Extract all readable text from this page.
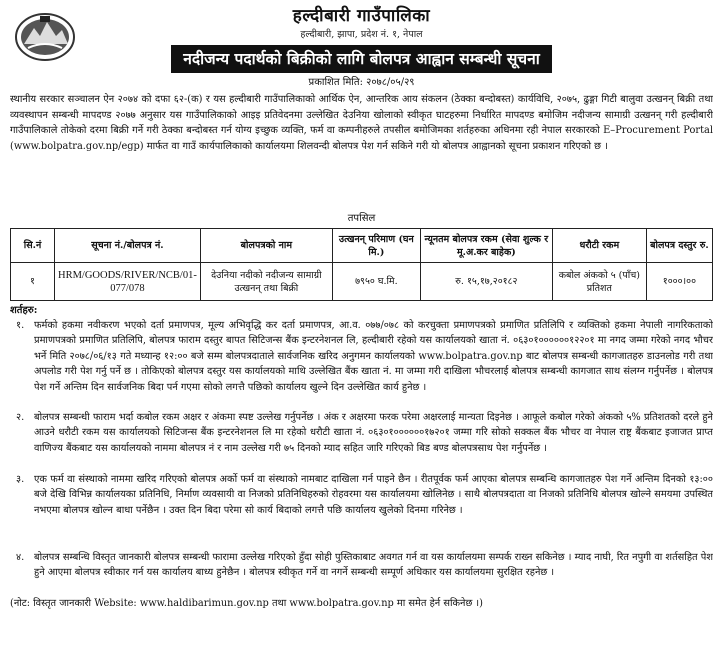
हल्दीबारी गाउँपालिका
हल्दीबारी, झापा, प्रदेश नं. १, नेपाल
नदीजन्य पदार्थको बिक्रीको लागि बोलपत्र आह्वान सम्बन्धी सूचना
प्रकाशित मिति: २०७८/०५/२९

स्थानीय सरकार सञ्चालन ऐन २०७४ को दफा ६२-(क) र यस हल्दीबारी गाउँपालिकाको आर्थिक ऐन, आन्तरिक आय संकलन (ठेक्का बन्दोबस्त) कार्यविधि, २०७५, ढुङ्गा गिटी बालुवा उत्खनन् बिक्री तथा व्यवस्थापन सम्बन्धी मापदण्ड २०७७ अनुसार यस गाउँपालिकाको आइइ प्रतिवेदनमा उल्लेखित देउनिया खोलाको स्वीकृत घाटहरुमा निर्धारित मापदण्ड बमोजिम नदीजन्य सामाग्री उत्खनन् गरी हल्दीबारी गाउँपालिकाले तोकेको दरमा बिक्री गर्ने गरी ठेक्का बन्दोबस्त गर्न योग्य इच्छुक व्यक्ति, फर्म वा कम्पनीहरुले तपसील बमोजिमका शर्तहरुका अधिनमा रही नेपाल सरकारको E–Procurement Portal (www.bolpatra.gov.np/egp) मार्फत वा गाउँ कार्यपालिकाको कार्यालयमा शिलवन्दी बोलपत्र पेश गर्न सकिने गरी यो बोलपत्र आह्वानको सूचना प्रकाशन गरिएको छ ।

तपसिल
सि.नं	सूचना नं./बोलपत्र नं.	बोलपत्रको नाम	उत्खनन् परिमाण (घन मि.)	न्यूनतम बोलपत्र रकम (सेवा शुल्क र मू.अ.कर बाहेक)	धरौटी रकम	बोलपत्र दस्तुर रु.
१	HRM/GOODS/RIVER/NCB/01-077/078	देउनिया नदीको नदीजन्य सामाग्री उत्खनन् तथा बिक्री	७९५० घ.मि.	रु. १५,१७,२०१८२	कबोल अंकको ५ (पाँच) प्रतिशत	१०००।००
शर्तहरु:
१. फर्मको हकमा नवीकरण भएको दर्ता प्रमाणपत्र, मूल्य अभिवृद्धि कर दर्ता प्रमाणपत्र, आ.व. ०७७/०७८ को करचुक्ता प्रमाणपत्रको प्रमाणित प्रतिलिपि र व्यक्तिको हकमा नेपाली नागरिकताको प्रमाणपत्रको प्रमाणित प्रतिलिपि, बोलपत्र फाराम दस्तुर बापत सिटिजन्स बैंक इन्टरनेशनल लि, हल्दीबारी रहेको यस कार्यालयको खाता नं. ०६३०१००००००१२२०१ मा नगद जम्मा गरेको नगद भौचर भर्ने मिति २०७८/०६/१३ गते मध्यान्ह १२:०० बजे सम्म बोलपत्रदाताले सार्वजनिक खरिद अनुगमन कार्यालयको www.bolpatra.gov.np बाट बोलपत्र सम्बन्धी कागजातहरु डाउनलोड गरी तथा अपलोड गरी पेश गर्नु पर्ने छ । तोकिएको बोलपत्र दस्तुर यस कार्यालयको माथि उल्लेखित बैंक खाता नं. मा जम्मा गरी दाखिला भौचरलाई बोलपत्र सम्बन्धी कागजात साथ संलग्न गर्नुपर्नेछ । बोलपत्र पेश गर्ने अन्तिम दिन सार्वजनिक बिदा पर्न गएमा सोको लगत्तै पछिको कार्यालय खुल्ने दिन उल्लेखित कार्य हुनेछ ।
२. बोलपत्र सम्बन्धी फाराम भर्दा कबोल रकम अक्षर र अंकमा स्पष्ट उल्लेख गर्नुपर्नेछ । अंक र अक्षरमा फरक परेमा अक्षरलाई मान्यता दिइनेछ । आफूले कबोल गरेको अंकको ५% प्रतिशतको दरले हुने आउने धरौटी रकम यस कार्यालयको सिटिजन्स बैंक इन्टरनेशनल लि मा रहेको धरौटी खाता नं. ०६३०१००००००१७२०१ जम्मा गरि सोको सक्कल बैंक भौचर वा नेपाल राष्ट्र बैंकबाट इजाजत प्राप्त वाणिज्य बैंकबाट यस कार्यालयको नाममा बोलपत्र नं र नाम उल्लेख गरी ७५ दिनको म्याद सहित जारि गरिएको बिड बण्ड बोलपत्रसाथ पेश गर्नुपर्नेछ ।
३. एक फर्म वा संस्थाको नाममा खरिद गरिएको बोलपत्र अर्को फर्म वा संस्थाको नामबाट दाखिला गर्न पाइने छैन । रीतपूर्वक फर्म आएका बोलपत्र सम्बन्धि कागजातहरु पेश गर्ने अन्तिम दिनको १३:०० बजे देखि विभिन्न कार्यालयका प्रतिनिधि, निर्माण व्यवसायी वा निजको प्रतिनिधिहरुको रोहवरमा यस कार्यालयमा खोलिनेछ । साथै बोलपत्रदाता वा निजको प्रतिनिधि बोलपत्र खोल्ने समयमा उपस्थित नभएमा बोलपत्र खोल्न बाधा पर्नेछैन । उक्त दिन बिदा परेमा सो कार्य बिदाको लगत्तै पछि कार्यालय खुलेको दिनमा गरिनेछ ।
४. बोलपत्र सम्बन्धि विस्तृत जानकारी बोलपत्र सम्बन्धी फारामा उल्लेख गरिएको हुँदा सोही पुस्तिकाबाट अवगत गर्न वा यस कार्यालयमा सम्पर्क राख्न सकिनेछ । म्याद नाघी, रित नपुगी वा शर्तसहित पेश हुने आएमा बोलपत्र स्वीकार गर्न यस कार्यालय बाध्य हुनेछैन । बोलपत्र स्वीकृत गर्ने वा नगर्ने सम्बन्धी सम्पूर्ण अधिकार यस कार्यालयमा सुरक्षित रहनेछ ।
(नोट: विस्तृत जानकारी Website: www.haldibarimun.gov.np तथा www.bolpatra.gov.np मा समेत हेर्न सकिनेछ ।)
